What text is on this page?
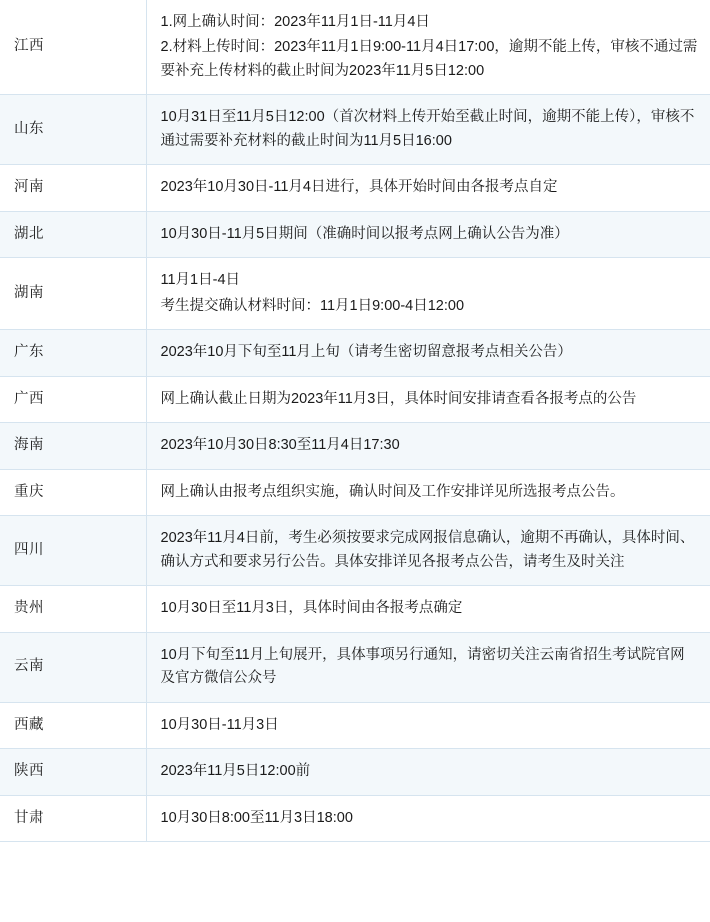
江西	1.网上确认时间：2023年11月1日-11月4日
2.材料上传时间：2023年11月1日9:00-11月4日17:00，逾期不能上传，审核不通过需要补充上传材料的截止时间为2023年11月5日12:00

山东	10月31日至11月5日12:00（首次材料上传开始至截止时间，逾期不能上传），审核不通过需要补充材料的截止时间为11月5日16:00

河南	2023年10月30日-11月4日进行，具体开始时间由各报考点自定

湖北	10月30日-11月5日期间（准确时间以报考点网上确认公告为准）

湖南	11月1日-4日
考生提交确认材料时间：11月1日9:00-4日12:00

广东	2023年10月下旬至11月上旬（请考生密切留意报考点相关公告）

广西	网上确认截止日期为2023年11月3日，具体时间安排请查看各报考点的公告

海南	2023年10月30日8:30至11月4日17:30

重庆	网上确认由报考点组织实施，确认时间及工作安排详见所选报考点公告。

四川	2023年11月4日前，考生必须按要求完成网报信息确认，逾期不再确认，具体时间、确认方式和要求另行公告。具体安排详见各报考点公告，请考生及时关注

贵州	10月30日至11月3日，具体时间由各报考点确定

云南	10月下旬至11月上旬展开，具体事项另行通知，请密切关注云南省招生考试院官网及官方微信公众号

西藏	10月30日-11月3日

陕西	2023年11月5日12:00前

甘肃	10月30日8:00至11月3日18:00
